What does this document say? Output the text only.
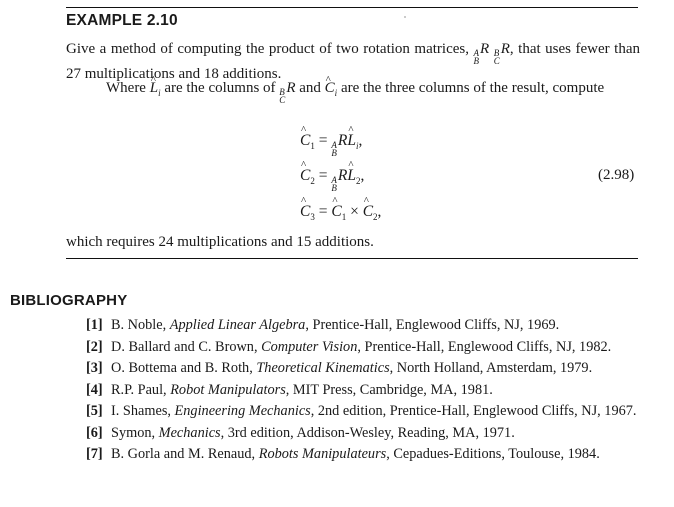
EXAMPLE 2.10
Give a method of computing the product of two rotation matrices, A
B
R B
C
R, that uses fewer than 27 multiplications and 18 additions.
Where L $\^{}_i$ are the columns of B
C
R and C $\^{}_i$ are the three columns of the result, compute
C $\^{}_1 = A$
B
RL $\^{}_i$,
C $\^{}_2 = A$
B
RL $\^{}_2$,
C $\^{}_3 = C$ $\^{}_1 \times C$ $\^{}_2$,
(2.98)
which requires 24 multiplications and 15 additions.
BIBLIOGRAPHY
[1] B. Noble, Applied Linear Algebra, Prentice-Hall, Englewood Cliffs, NJ, 1969.
[2] D. Ballard and C. Brown, Computer Vision, Prentice-Hall, Englewood Cliffs, NJ, 1982.
[3] O. Bottema and B. Roth, Theoretical Kinematics, North Holland, Amsterdam, 1979.
[4] R.P. Paul, Robot Manipulators, MIT Press, Cambridge, MA, 1981.
[5] I. Shames, Engineering Mechanics, 2nd edition, Prentice-Hall, Englewood Cliffs, NJ, 1967.
[6] Symon, Mechanics, 3rd edition, Addison-Wesley, Reading, MA, 1971.
[7] B. Gorla and M. Renaud, Robots Manipulateurs, Cepadues-Editions, Toulouse, 1984.
